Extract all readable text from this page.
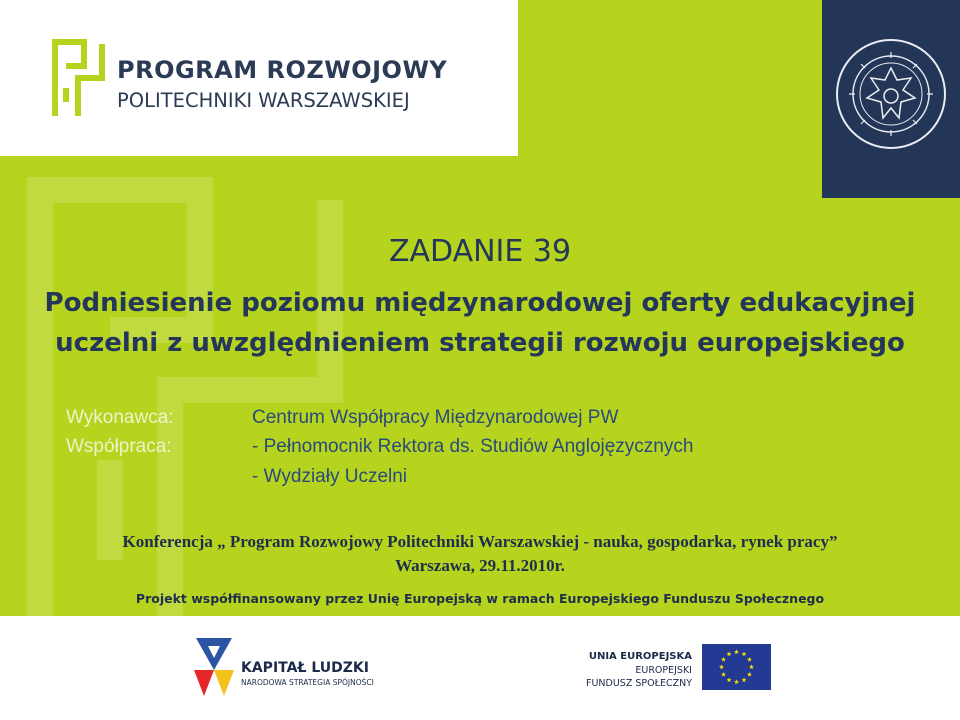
PROGRAM ROZWOJOWY
POLITECHNIKI WARSZAWSKIEJ
ZADANIE 39
Podniesienie poziomu międzynarodowej oferty edukacyjnej
uczelni z uwzględnieniem strategii rozwoju europejskiego
Wykonawca:
Współpraca:
Centrum Współpracy Międzynarodowej PW
- Pełnomocnik Rektora ds. Studiów Anglojęzycznych
- Wydziały Uczelni
Konferencja „ Program Rozwojowy Politechniki Warszawskiej - nauka, gospodarka, rynek pracy”
Warszawa, 29.11.2010r.
Projekt współfinansowany przez Unię Europejską w ramach Europejskiego Funduszu Społecznego
KAPITAŁ LUDZKI
NARODOWA STRATEGIA SPÓJNOŚCI
UNIA EUROPEJSKA
EUROPEJSKI
FUNDUSZ SPOŁECZNY
